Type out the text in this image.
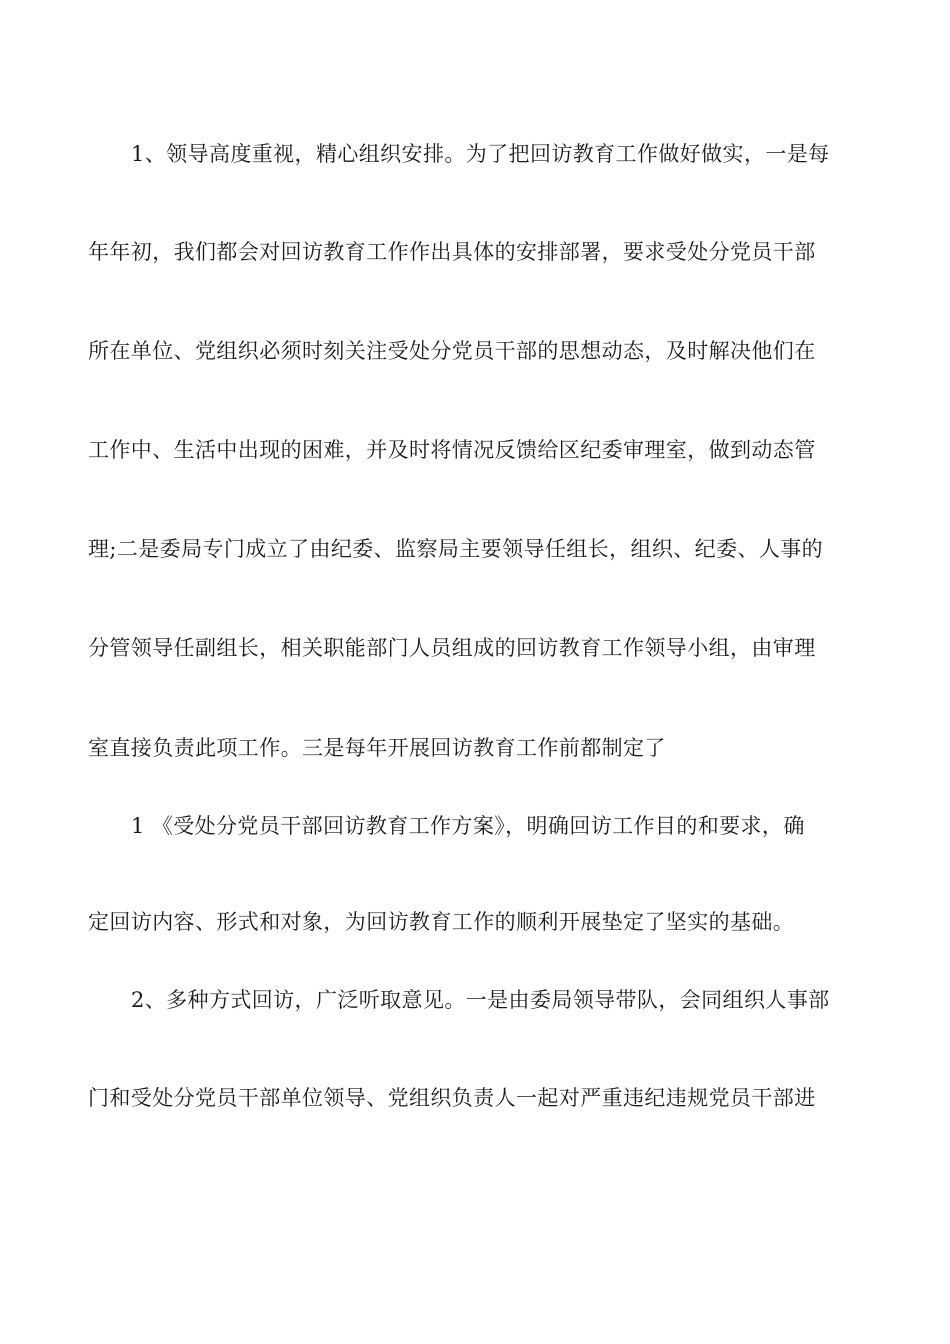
1、领导高度重视，精心组织安排。为了把回访教育工作做好做实，一是每
年年初，我们都会对回访教育工作作出具体的安排部署，要求受处分党员干部
所在单位、党组织必须时刻关注受处分党员干部的思想动态，及时解决他们在
工作中、生活中出现的困难，并及时将情况反馈给区纪委审理室，做到动态管
理;二是委局专门成立了由纪委、监察局主要领导任组长，组织、纪委、人事的
分管领导任副组长，相关职能部门人员组成的回访教育工作领导小组，由审理
室直接负责此项工作。三是每年开展回访教育工作前都制定了
1 《受处分党员干部回访教育工作方案》，明确回访工作目的和要求，确
定回访内容、形式和对象，为回访教育工作的顺利开展垫定了坚实的基础。
2、多种方式回访，广泛听取意见。一是由委局领导带队，会同组织人事部
门和受处分党员干部单位领导、党组织负责人一起对严重违纪违规党员干部进
